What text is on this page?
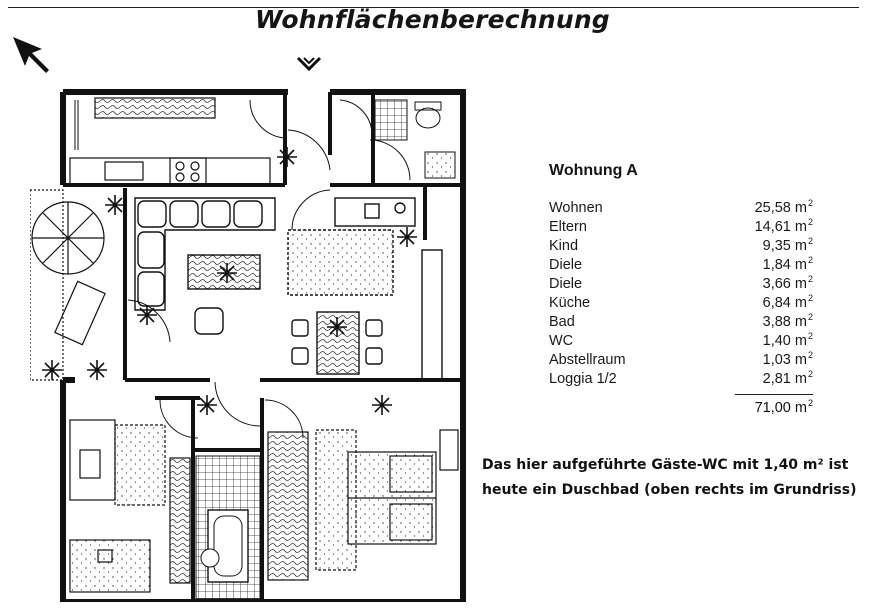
Wohnflächenberechnung
Wohnung A
Wohnen	25,58 $m^2$
Eltern	14,61 $m^2$
Kind	9,35 $m^2$
Diele	1,84 $m^2$
Diele	3,66 $m^2$
Küche	6,84 $m^2$
Bad	3,88 $m^2$
WC	1,40 $m^2$
Abstellraum	1,03 $m^2$
Loggia 1/2	2,81 $m^2$
71,00 $m^2$
Das hier aufgeführte Gäste-WC mit 1,40 m² ist
heute ein Duschbad (oben rechts im Grundriss)
